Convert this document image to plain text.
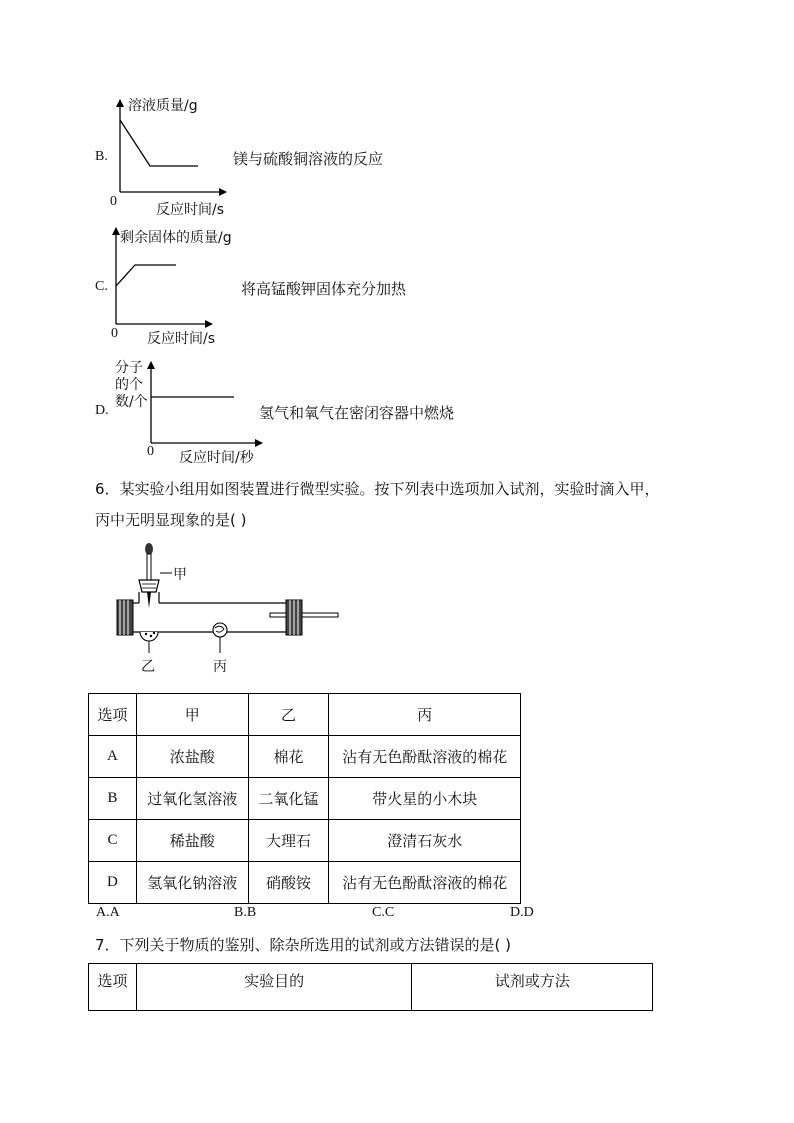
B.
溶液质量/g
0
反应时间/s
镁与硫酸铜溶液的反应
C.
剩余固体的质量/g
0 反应时间/s
将高锰酸钾固体充分加热
D.
分子
的个
数/个
0 反应时间/秒
氢气和氧气在密闭容器中燃烧
6．某实验小组用如图装置进行微型实验。按下列表中选项加入试剂，实验时滴入甲，
丙中无明显现象的是( )
甲
乙	丙
选项	甲	乙	丙
A	浓盐酸	棉花	沾有无色酚酞溶液的棉花
B	过氧化氢溶液	二氧化锰	带火星的小木块
C	稀盐酸	大理石	澄清石灰水
D	氢氧化钠溶液	硝酸铵	沾有无色酚酞溶液的棉花
A.A	B.B	C.C	D.D
7．下列关于物质的鉴别、除杂所选用的试剂或方法错误的是( )
选项	实验目的	试剂或方法
